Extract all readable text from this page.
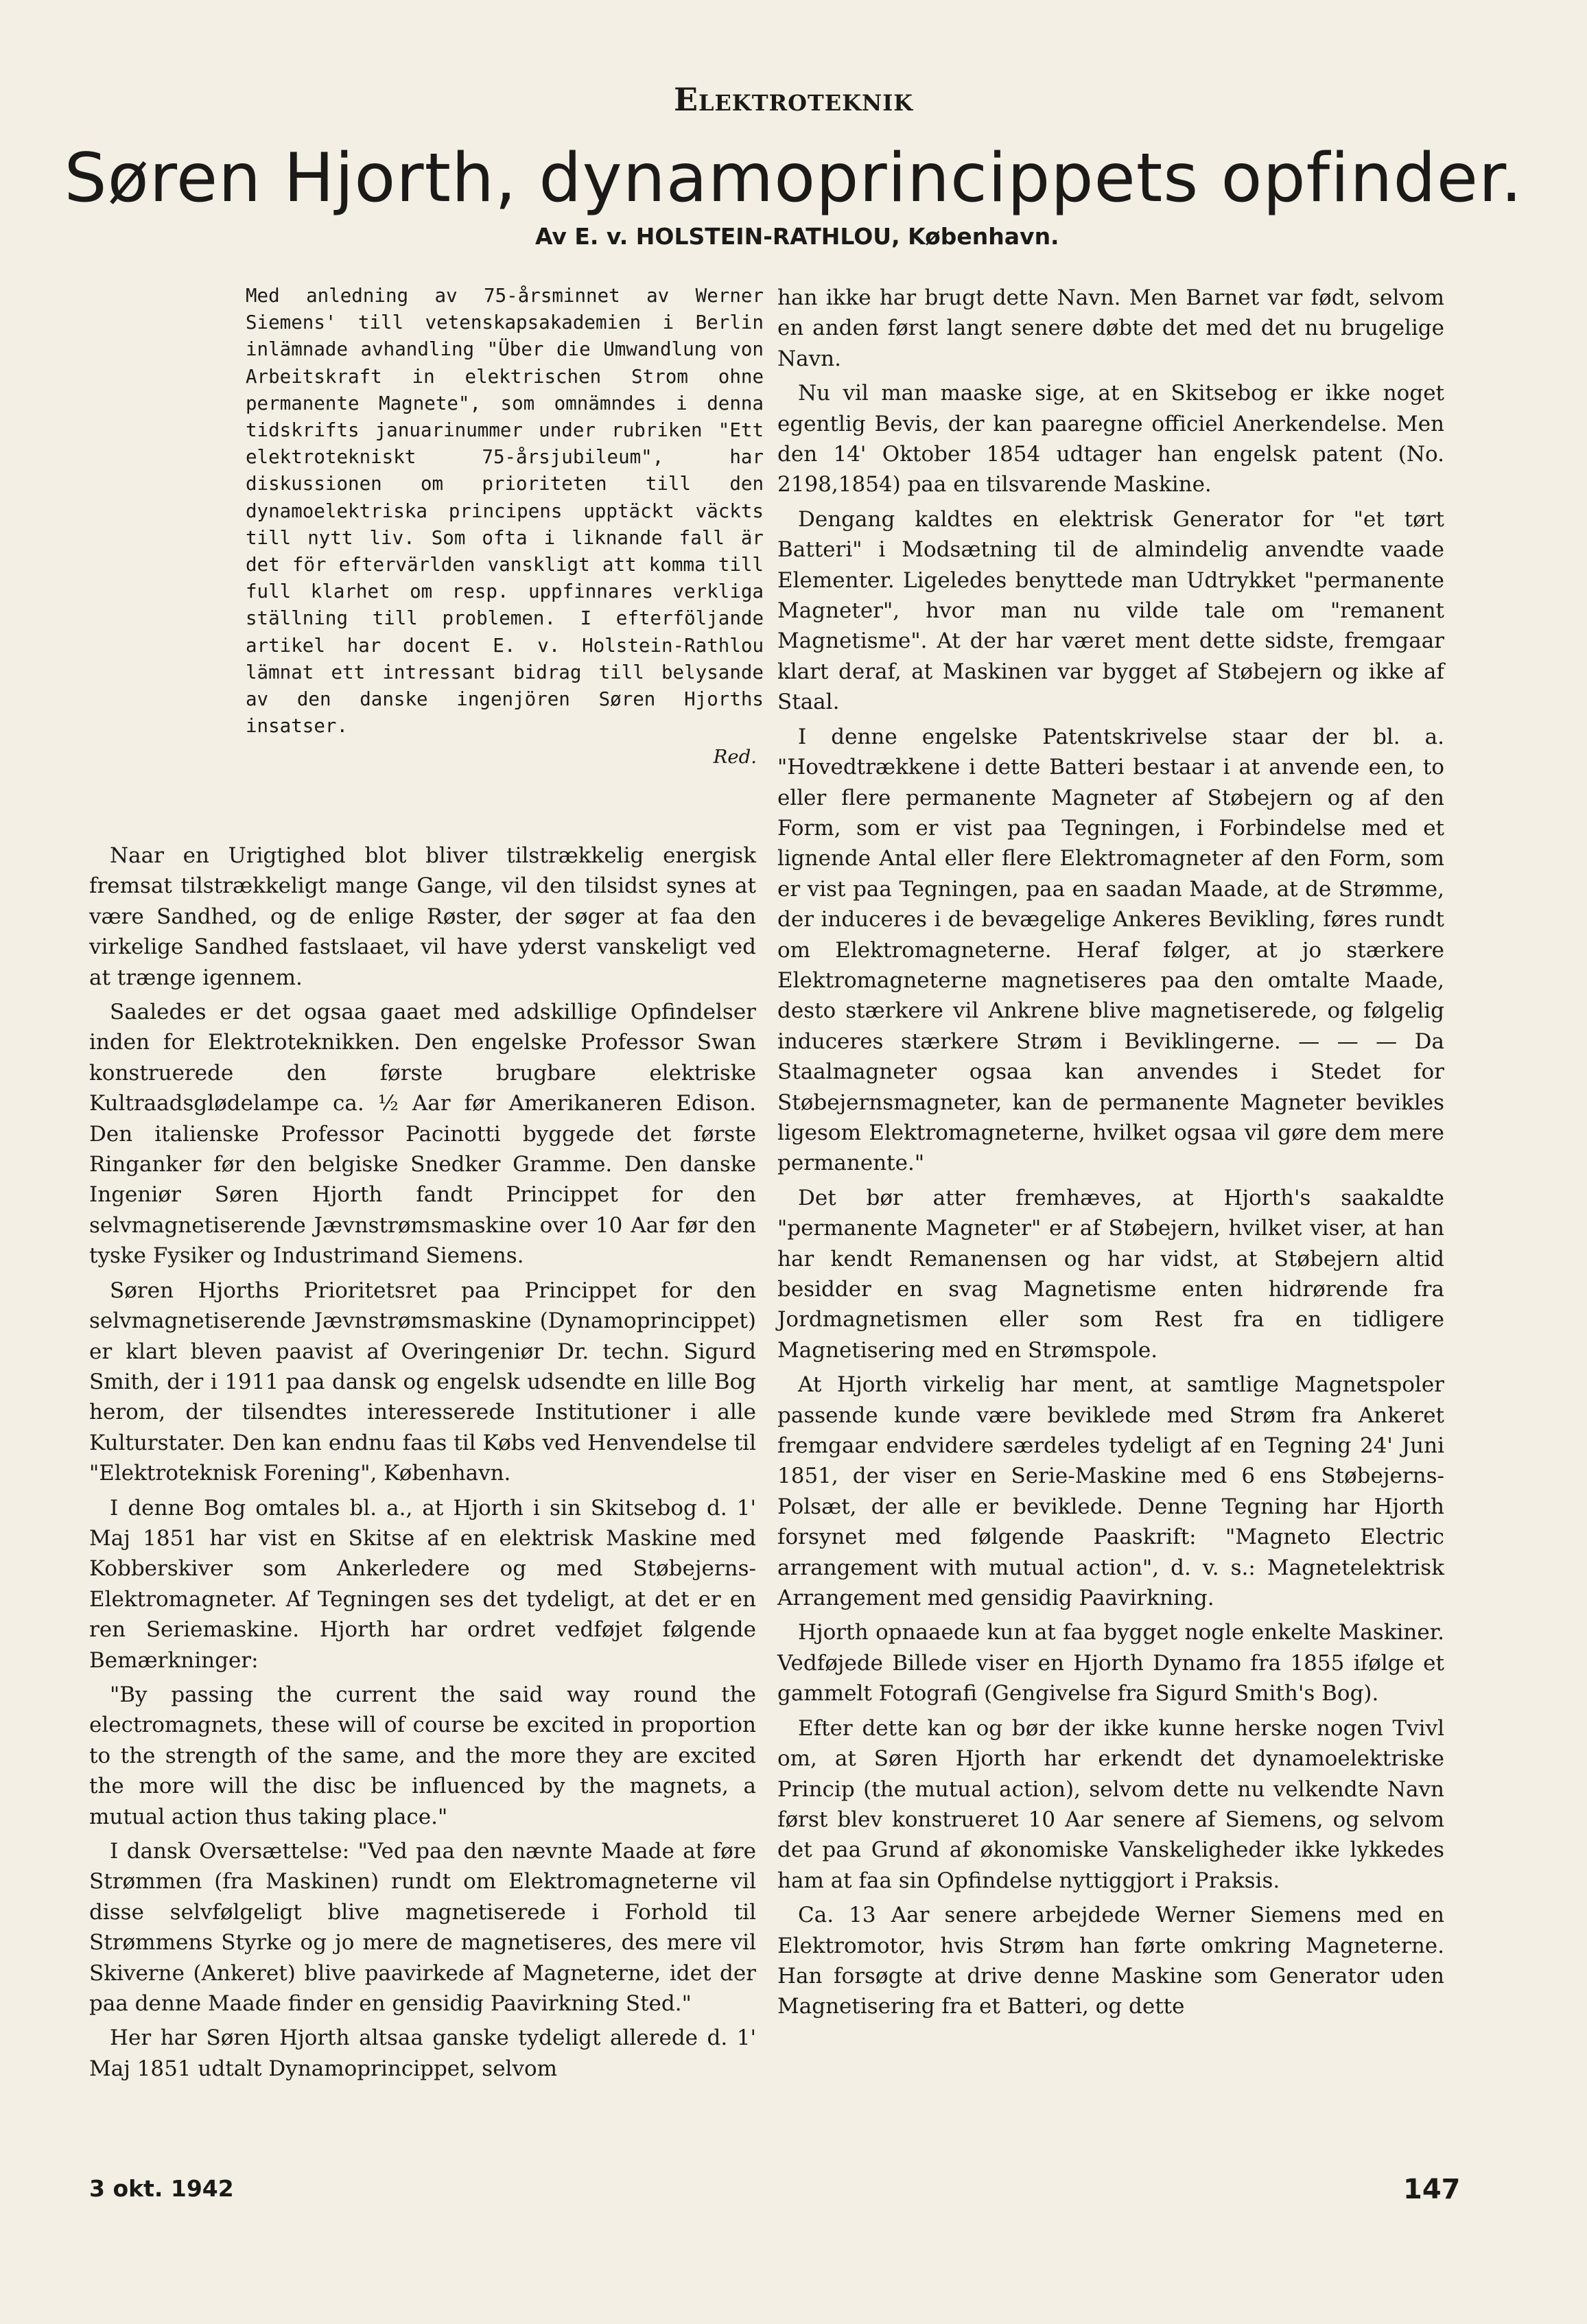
Elektroteknik
Søren Hjorth, dynamoprincippets opfinder.
Av E. v. HOLSTEIN-RATHLOU, København.

Med anledning av 75-årsminnet av Werner Siemens' till vetenskapsakademien i Berlin inlämnade avhandling "Über die Umwandlung von Arbeitskraft in elektrischen Strom ohne permanente Magnete", som omnämndes i denna tidskrifts januarinummer under rubriken "Ett elektrotekniskt 75-årsjubileum", har diskussionen om prioriteten till den dynamoelektriska principens upptäckt väckts till nytt liv. Som ofta i liknande fall är det för eftervärlden vanskligt att komma till full klarhet om resp. uppfinnares verkliga ställning till problemen. I efterföljande artikel har docent E. v. Holstein-Rathlou lämnat ett intressant bidrag till belysande av den danske ingenjören Søren Hjorths insatser.

Red.

Naar en Urigtighed blot bliver tilstrækkelig energisk fremsat tilstrækkeligt mange Gange, vil den tilsidst synes at være Sandhed, og de enlige Røster, der søger at faa den virkelige Sandhed fastslaaet, vil have yderst vanskeligt ved at trænge igennem.

Saaledes er det ogsaa gaaet med adskillige Opfindelser inden for Elektroteknikken. Den engelske Professor Swan konstruerede den første brugbare elektriske Kultraadsglødelampe ca. ½ Aar før Amerikaneren Edison. Den italienske Professor Pacinotti byggede det første Ringanker før den belgiske Snedker Gramme. Den danske Ingeniør Søren Hjorth fandt Princippet for den selvmagnetiserende Jævnstrømsmaskine over 10 Aar før den tyske Fysiker og Industrimand Siemens.

Søren Hjorths Prioritetsret paa Princippet for den selvmagnetiserende Jævnstrømsmaskine (Dynamoprincippet) er klart bleven paavist af Overingeniør Dr. techn. Sigurd Smith, der i 1911 paa dansk og engelsk udsendte en lille Bog herom, der tilsendtes interesserede Institutioner i alle Kulturstater. Den kan endnu faas til Købs ved Henvendelse til "Elektroteknisk Forening", København.

I denne Bog omtales bl. a., at Hjorth i sin Skitsebog d. 1' Maj 1851 har vist en Skitse af en elektrisk Maskine med Kobberskiver som Ankerledere og med Støbejerns-Elektromagneter. Af Tegningen ses det tydeligt, at det er en ren Seriemaskine. Hjorth har ordret vedføjet følgende Bemærkninger:

"By passing the current the said way round the electromagnets, these will of course be excited in proportion to the strength of the same, and the more they are excited the more will the disc be influenced by the magnets, a mutual action thus taking place."

I dansk Oversættelse: "Ved paa den nævnte Maade at føre Strømmen (fra Maskinen) rundt om Elektromagneterne vil disse selvfølgeligt blive magnetiserede i Forhold til Strømmens Styrke og jo mere de magnetiseres, des mere vil Skiverne (Ankeret) blive paavirkede af Magneterne, idet der paa denne Maade finder en gensidig Paavirkning Sted."

Her har Søren Hjorth altsaa ganske tydeligt allerede d. 1' Maj 1851 udtalt Dynamoprincippet, selvom

han ikke har brugt dette Navn. Men Barnet var født, selvom en anden først langt senere døbte det med det nu brugelige Navn.

Nu vil man maaske sige, at en Skitsebog er ikke noget egentlig Bevis, der kan paaregne officiel Anerkendelse. Men den 14' Oktober 1854 udtager han engelsk patent (No. 2198,1854) paa en tilsvarende Maskine.

Dengang kaldtes en elektrisk Generator for "et tørt Batteri" i Modsætning til de almindelig anvendte vaade Elementer. Ligeledes benyttede man Udtrykket "permanente Magneter", hvor man nu vilde tale om "remanent Magnetisme". At der har været ment dette sidste, fremgaar klart deraf, at Maskinen var bygget af Støbejern og ikke af Staal.

I denne engelske Patentskrivelse staar der bl. a. "Hovedtrækkene i dette Batteri bestaar i at anvende een, to eller flere permanente Magneter af Støbejern og af den Form, som er vist paa Tegningen, i Forbindelse med et lignende Antal eller flere Elektromagneter af den Form, som er vist paa Tegningen, paa en saadan Maade, at de Strømme, der induceres i de bevægelige Ankeres Bevikling, føres rundt om Elektromagneterne. Heraf følger, at jo stærkere Elektromagneterne magnetiseres paa den omtalte Maade, desto stærkere vil Ankrene blive magnetiserede, og følgelig induceres stærkere Strøm i Beviklingerne. — — — Da Staalmagneter ogsaa kan anvendes i Stedet for Støbejernsmagneter, kan de permanente Magneter bevikles ligesom Elektromagneterne, hvilket ogsaa vil gøre dem mere permanente."

Det bør atter fremhæves, at Hjorth's saakaldte "permanente Magneter" er af Støbejern, hvilket viser, at han har kendt Remanensen og har vidst, at Støbejern altid besidder en svag Magnetisme enten hidrørende fra Jordmagnetismen eller som Rest fra en tidligere Magnetisering med en Strømspole.

At Hjorth virkelig har ment, at samtlige Magnetspoler passende kunde være beviklede med Strøm fra Ankeret fremgaar endvidere særdeles tydeligt af en Tegning 24' Juni 1851, der viser en Serie-Maskine med 6 ens Støbejerns-Polsæt, der alle er beviklede. Denne Tegning har Hjorth forsynet med følgende Paaskrift: "Magneto Electric arrangement with mutual action", d. v. s.: Magnetelektrisk Arrangement med gensidig Paavirkning.

Hjorth opnaaede kun at faa bygget nogle enkelte Maskiner. Vedføjede Billede viser en Hjorth Dynamo fra 1855 ifølge et gammelt Fotografi (Gengivelse fra Sigurd Smith's Bog).

Efter dette kan og bør der ikke kunne herske nogen Tvivl om, at Søren Hjorth har erkendt det dynamoelektriske Princip (the mutual action), selvom dette nu velkendte Navn først blev konstrueret 10 Aar senere af Siemens, og selvom det paa Grund af økonomiske Vanskeligheder ikke lykkedes ham at faa sin Opfindelse nyttiggjort i Praksis.

Ca. 13 Aar senere arbejdede Werner Siemens med en Elektromotor, hvis Strøm han førte omkring Magneterne. Han forsøgte at drive denne Maskine som Generator uden Magnetisering fra et Batteri, og dette

3 okt. 1942	147
